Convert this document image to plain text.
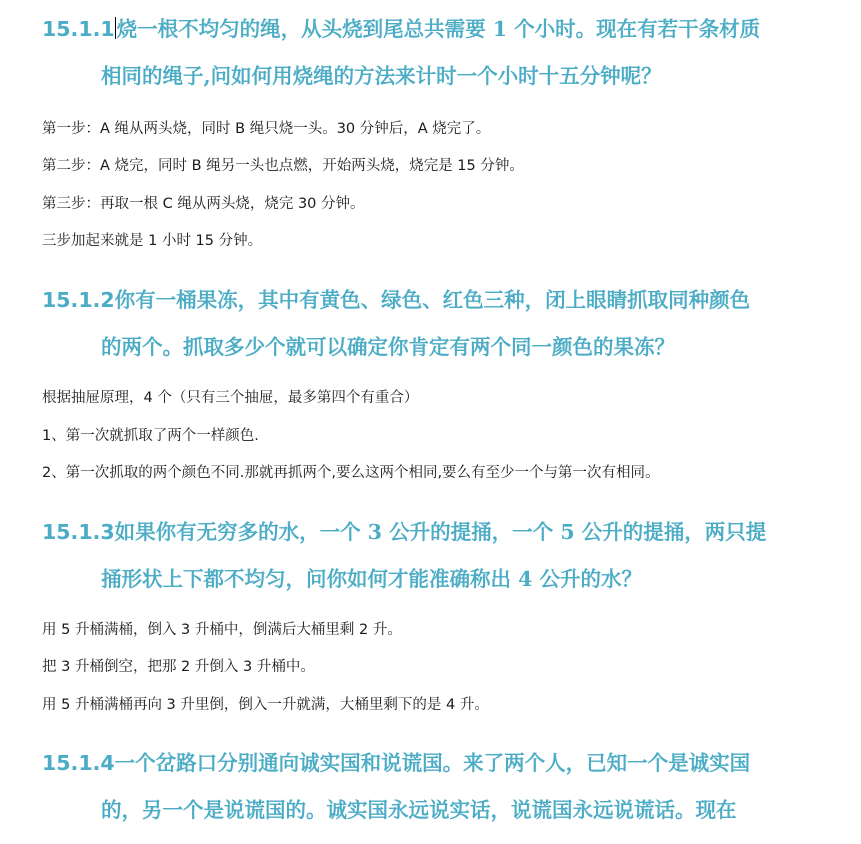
15.1.1烧一根不均匀的绳，从头烧到尾总共需要 1 个小时。现在有若干条材质
相同的绳子,问如何用烧绳的方法来计时一个小时十五分钟呢？
第一步：A 绳从两头烧，同时 B 绳只烧一头。30 分钟后，A 烧完了。
第二步：A 烧完，同时 B 绳另一头也点燃，开始两头烧，烧完是 15 分钟。
第三步：再取一根 C 绳从两头烧，烧完 30 分钟。
三步加起来就是 1 小时 15 分钟。
15.1.2你有一桶果冻，其中有黄色、绿色、红色三种，闭上眼睛抓取同种颜色
的两个。抓取多少个就可以确定你肯定有两个同一颜色的果冻？
根据抽屉原理，4 个（只有三个抽屉，最多第四个有重合）
1、第一次就抓取了两个一样颜色.
2、第一次抓取的两个颜色不同.那就再抓两个,要么这两个相同,要么有至少一个与第一次有相同。
15.1.3如果你有无穷多的水，一个 3 公升的提捅，一个 5 公升的提捅，两只提
捅形状上下都不均匀，问你如何才能准确称出 4 公升的水？
用 5 升桶满桶，倒入 3 升桶中，倒满后大桶里剩 2 升。
把 3 升桶倒空，把那 2 升倒入 3 升桶中。
用 5 升桶满桶再向 3 升里倒，倒入一升就满，大桶里剩下的是 4 升。
15.1.4一个岔路口分别通向诚实国和说谎国。来了两个人，已知一个是诚实国
的，另一个是说谎国的。诚实国永远说实话，说谎国永远说谎话。现在
